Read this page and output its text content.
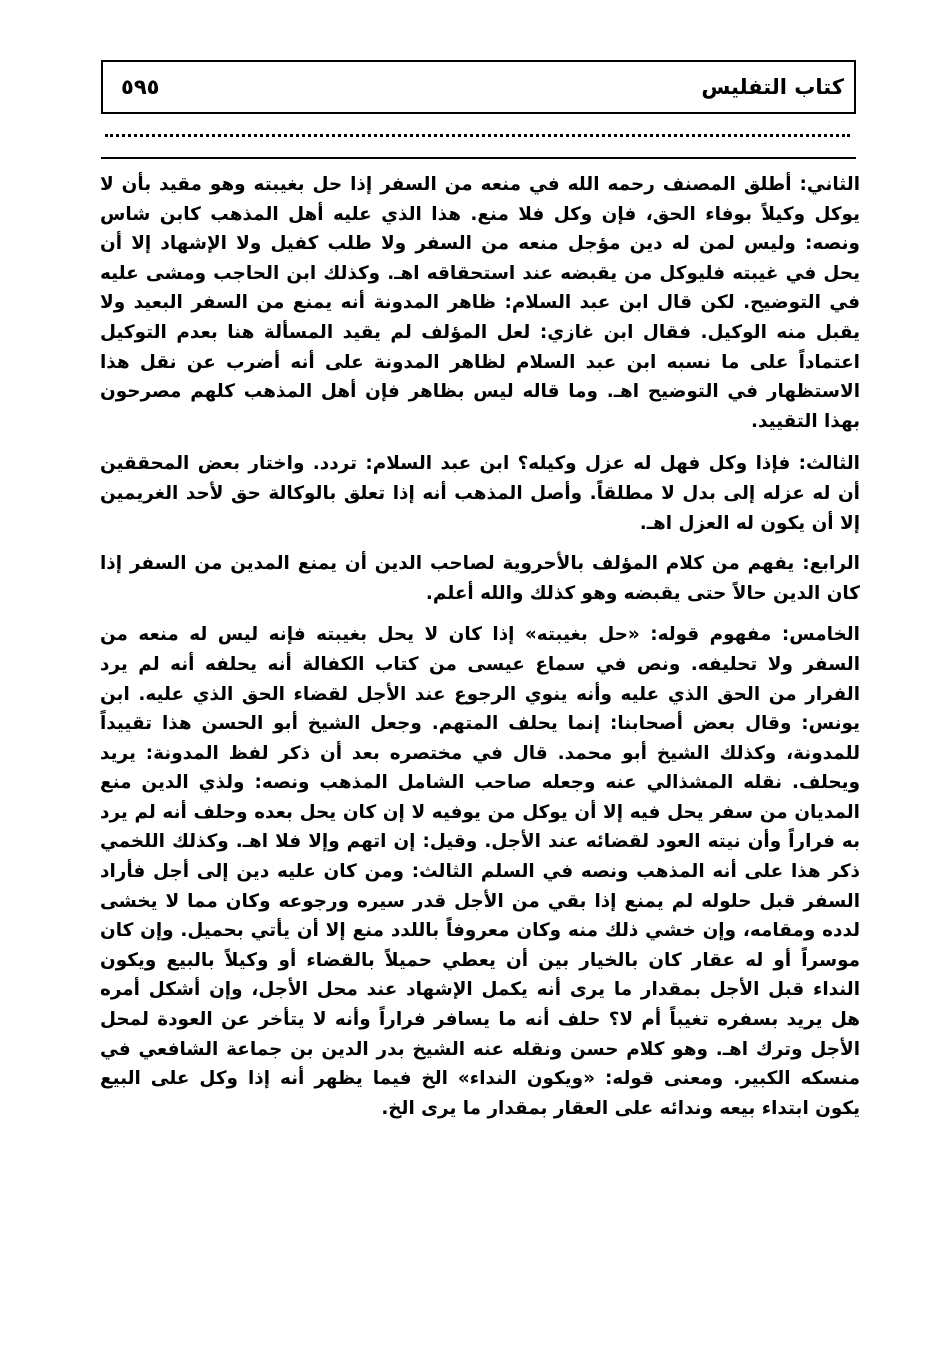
كتاب التفليس
٥٩٥

الثاني: أطلق المصنف رحمه الله في منعه من السفر إذا حل بغيبته وهو مقيد بأن لا يوكل وكيلاً بوفاء الحق، فإن وكل فلا منع. هذا الذي عليه أهل المذهب كابن شاس ونصه: وليس لمن له دين مؤجل منعه من السفر ولا طلب كفيل ولا الإشهاد إلا أن يحل في غيبته فليوكل من يقبضه عند استحقاقه اهـ. وكذلك ابن الحاجب ومشى عليه في التوضيح. لكن قال ابن عبد السلام: ظاهر المدونة أنه يمنع من السفر البعيد ولا يقبل منه الوكيل. فقال ابن غازي: لعل المؤلف لم يقيد المسألة هنا بعدم التوكيل اعتماداً على ما نسبه ابن عبد السلام لظاهر المدونة على أنه أضرب عن نقل هذا الاستظهار في التوضيح اهـ. وما قاله ليس بظاهر فإن أهل المذهب كلهم مصرحون بهذا التقييد.

الثالث: فإذا وكل فهل له عزل وكيله؟ ابن عبد السلام: تردد. واختار بعض المحققين أن له عزله إلى بدل لا مطلقاً. وأصل المذهب أنه إذا تعلق بالوكالة حق لأحد الغريمين إلا أن يكون له العزل اهـ.

الرابع: يفهم من كلام المؤلف بالأحروية لصاحب الدين أن يمنع المدين من السفر إذا كان الدين حالاً حتى يقبضه وهو كذلك والله أعلم.

الخامس: مفهوم قوله: «حل بغيبته» إذا كان لا يحل بغيبته فإنه ليس له منعه من السفر ولا تحليفه. ونص في سماع عيسى من كتاب الكفالة أنه يحلفه أنه لم يرد الفرار من الحق الذي عليه وأنه ينوي الرجوع عند الأجل لقضاء الحق الذي عليه. ابن يونس: وقال بعض أصحابنا: إنما يحلف المتهم. وجعل الشيخ أبو الحسن هذا تقييداً للمدونة، وكذلك الشيخ أبو محمد. قال في مختصره بعد أن ذكر لفظ المدونة: يريد ويحلف. نقله المشذالي عنه وجعله صاحب الشامل المذهب ونصه: ولذي الدين منع المديان من سفر يحل فيه إلا أن يوكل من يوفيه لا إن كان يحل بعده وحلف أنه لم يرد به فراراً وأن نيته العود لقضائه عند الأجل. وقيل: إن اتهم وإلا فلا اهـ. وكذلك اللخمي ذكر هذا على أنه المذهب ونصه في السلم الثالث: ومن كان عليه دين إلى أجل فأراد السفر قبل حلوله لم يمنع إذا بقي من الأجل قدر سيره ورجوعه وكان مما لا يخشى لدده ومقامه، وإن خشي ذلك منه وكان معروفاً باللدد منع إلا أن يأتي بحميل. وإن كان موسراً أو له عقار كان بالخيار بين أن يعطي حميلاً بالقضاء أو وكيلاً بالبيع ويكون النداء قبل الأجل بمقدار ما يرى أنه يكمل الإشهاد عند محل الأجل، وإن أشكل أمره هل يريد بسفره تغيباً أم لا؟ حلف أنه ما يسافر فراراً وأنه لا يتأخر عن العودة لمحل الأجل وترك اهـ. وهو كلام حسن ونقله عنه الشيخ بدر الدين بن جماعة الشافعي في منسكه الكبير. ومعنى قوله: «ويكون النداء» الخ فيما يظهر أنه إذا وكل على البيع يكون ابتداء بيعه وندائه على العقار بمقدار ما يرى الخ.
